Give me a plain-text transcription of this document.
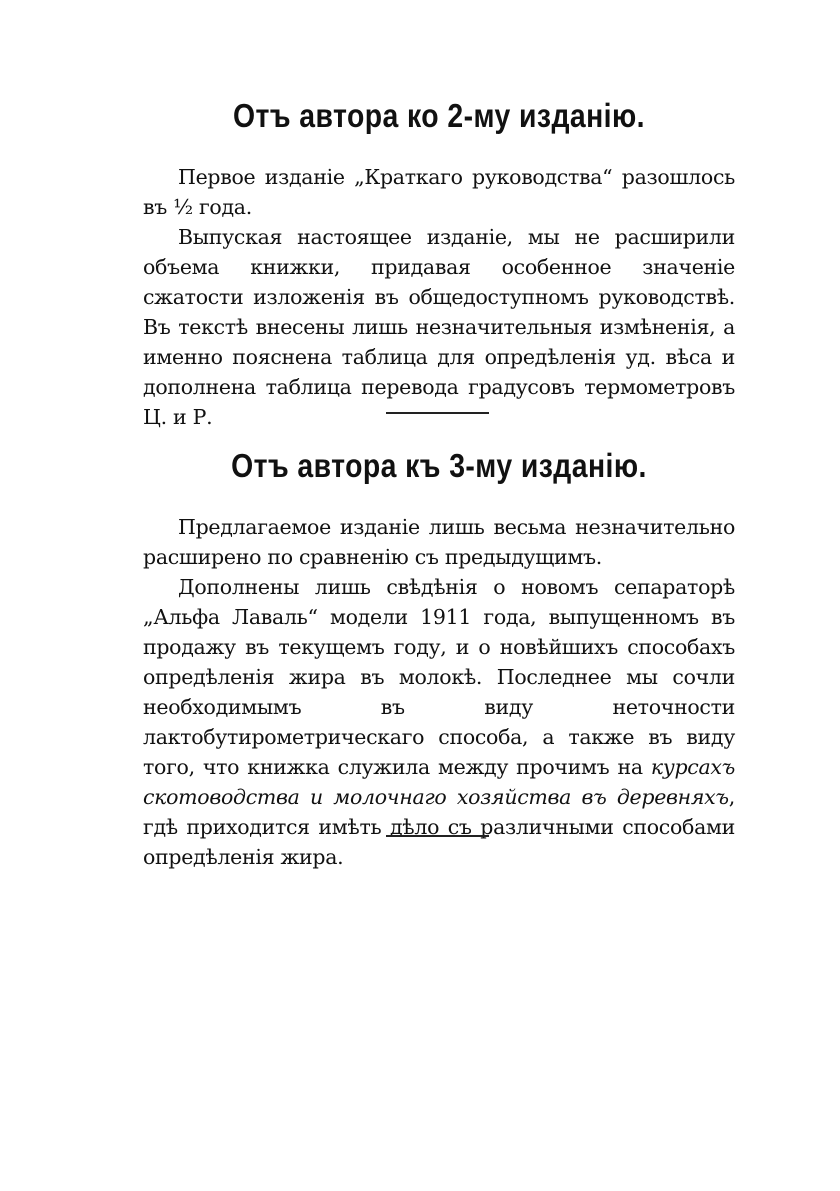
Отъ автора ко 2-му изданію.

Первое изданіе „Краткаго руководства“ разошлось въ ½ года.

Выпуская настоящее изданіе, мы не расширили объема книжки, придавая особенное значеніе сжатости изложенія въ общедоступномъ руководствѣ. Въ текстѣ внесены лишь незначительныя измѣненія, а именно пояснена таблица для опредѣленія уд. вѣса и дополнена таблица перевода градусовъ термометровъ Ц. и Р.

Отъ автора къ 3-му изданію.

Предлагаемое изданіе лишь весьма незначительно расширено по сравненію съ предыдущимъ.

Дополнены лишь свѣдѣнія о новомъ сепараторѣ „Альфа Лаваль“ модели 1911 года, выпущенномъ въ продажу въ текущемъ году, и о новѣйшихъ способахъ опредѣленія жира въ молокѣ. Последнее мы сочли необходимымъ въ виду неточности лактобутирометрическаго способа, а также въ виду того, что книжка служила между прочимъ на курсахъ скотоводства и молочнаго хозяйства въ деревняхъ, гдѣ приходится имѣть дѣло съ различными способами опредѣленія жира.
